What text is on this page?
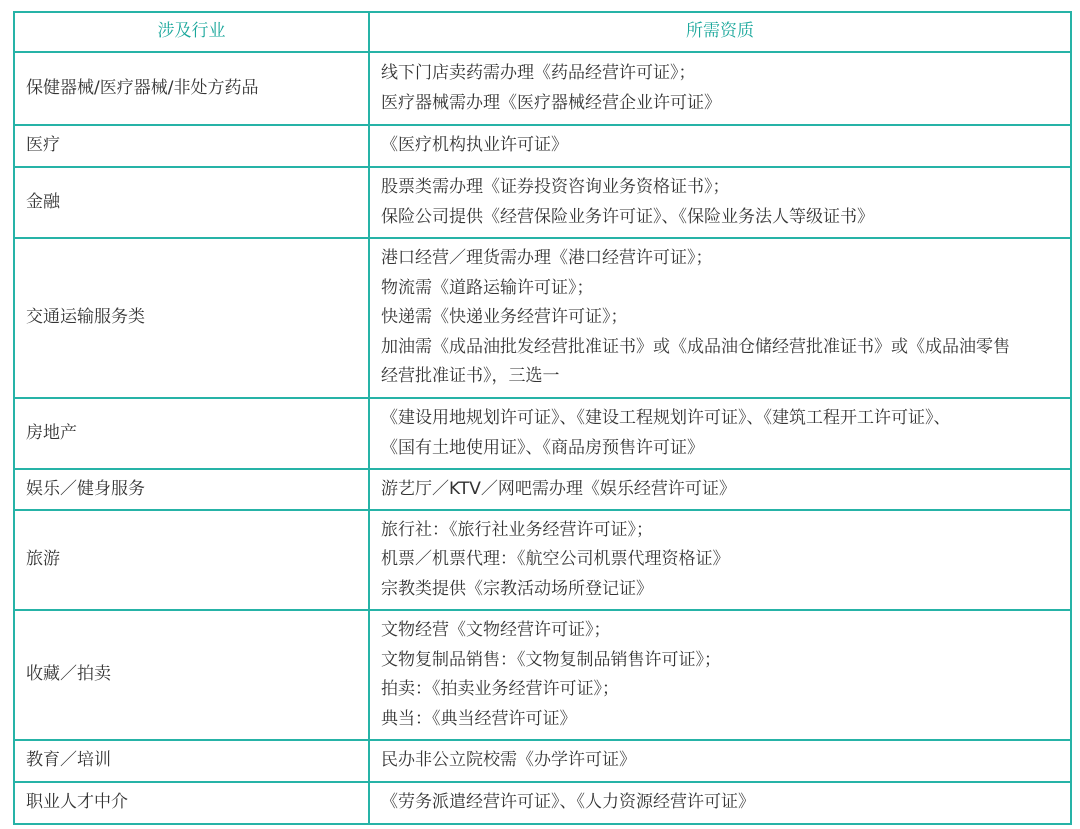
涉及行业	所需资质
保健器械/医疗器械/非处方药品	线下门店卖药需办理《药品经营许可证》；
医疗器械需办理《医疗器械经营企业许可证》

医疗	《医疗机构执业许可证》

金融	股票类需办理《证券投资咨询业务资格证书》；
保险公司提供《经营保险业务许可证》、《保险业务法人等级证书》

交通运输服务类	港口经营／理货需办理《港口经营许可证》；
物流需《道路运输许可证》；
快递需《快递业务经营许可证》；
加油需《成品油批发经营批准证书》或《成品油仓储经营批准证书》或《成品油零售
经营批准证书》，三选一

房地产	《建设用地规划许可证》、《建设工程规划许可证》、《建筑工程开工许可证》、
《国有土地使用证》、《商品房预售许可证》

娱乐／健身服务	游艺厅／KTV／网吧需办理《娱乐经营许可证》

旅游	旅行社：《旅行社业务经营许可证》；
机票／机票代理：《航空公司机票代理资格证》
宗教类提供《宗教活动场所登记证》

收藏／拍卖	文物经营《文物经营许可证》；
文物复制品销售：《文物复制品销售许可证》；
拍卖：《拍卖业务经营许可证》；
典当：《典当经营许可证》

教育／培训	民办非公立院校需《办学许可证》

职业人才中介	《劳务派遣经营许可证》、《人力资源经营许可证》
